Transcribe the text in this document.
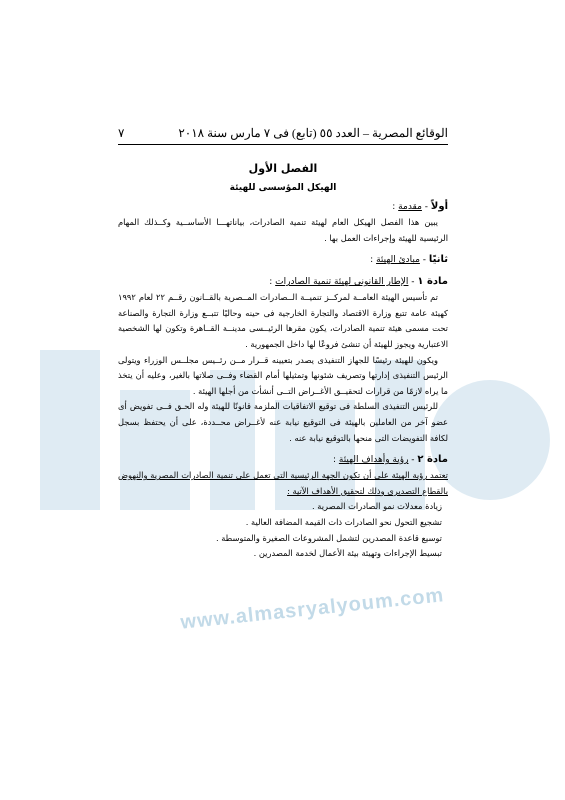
www.almasryalyoum.com
الوقائع المصرية – العدد ٥٥ (تابع) فى ٧ مارس سنة ٢٠١٨
٧
الفصل الأول
الهيكل المؤسسى للهيئة
أولاً - مقدمة :

يبين هذا الفصل الهيكل العام لهيئة تنمية الصادرات، بياناتهـــا الأساســية وكــذلك المهام الرئيسية للهيئة وإجراءات العمل بها .

ثانيًا - مبادئ الهيئة :
مادة ١ - الإطار القانونى لهيئة تنمية الصادرات :

تم تأسيس الهيئة العامــة لمركــز تنميــة الــصادرات المــصرية بالقــانون رقــم ٢٢ لعام ١٩٩٢ كهيئة عامة تتبع وزارة الاقتصاد والتجارة الخارجية فى حينه وحاليًا تتبــع وزارة التجارة والصناعة تحت مسمى هيئة تنمية الصادرات، يكون مقرها الرئيــسى مدينــة القــاهرة وتكون لها الشخصية الاعتبارية ويجوز للهيئة أن تنشئ فروعًا لها داخل الجمهورية .

ويكون للهيئة رئيسًا للجهاز التنفيذى يصدر بتعيينه قــرار مــن رئــيس مجلــس الوزراء ويتولى الرئيس التنفيذى إدارتها وتصريف شئونها وتمثيلها أمام القضاء وفــى صلاتها بالغير، وعليه أن يتخذ ما يراه لازمًا من قرارات لتحقيــق الأغــراض التــى أنشأت من أجلها الهيئة .

للرئيس التنفيذى السلطة فى توقيع الاتفاقيات الملزمة قانونًا للهيئة وله الحـق فــى تفويض أى عضو آخر من العاملين بالهيئة فى التوقيع نيابة عنه لأغــراض محــددة، على أن يحتفظ بسجل لكافة التفويضات التى منحها بالتوقيع نيابة عنه .

مادة ٢ - رؤية وأهداف الهيئة :

تعتمد رؤية الهيئة على أن تكون الجهة الرئيسية التى تعمل على تنمية الصادرات المصرية والنهوض بالقطاع التصديرى وذلك لتحقيق الأهداف الآتية :

زيادة معدلات نمو الصادرات المصرية .

تشجيع التحول نحو الصادرات ذات القيمة المضافة العالية .

توسيع قاعدة المصدرين لتشمل المشروعات الصغيرة والمتوسطة .

تبسيط الإجراءات وتهيئة بيئة الأعمال لخدمة المصدرين .
